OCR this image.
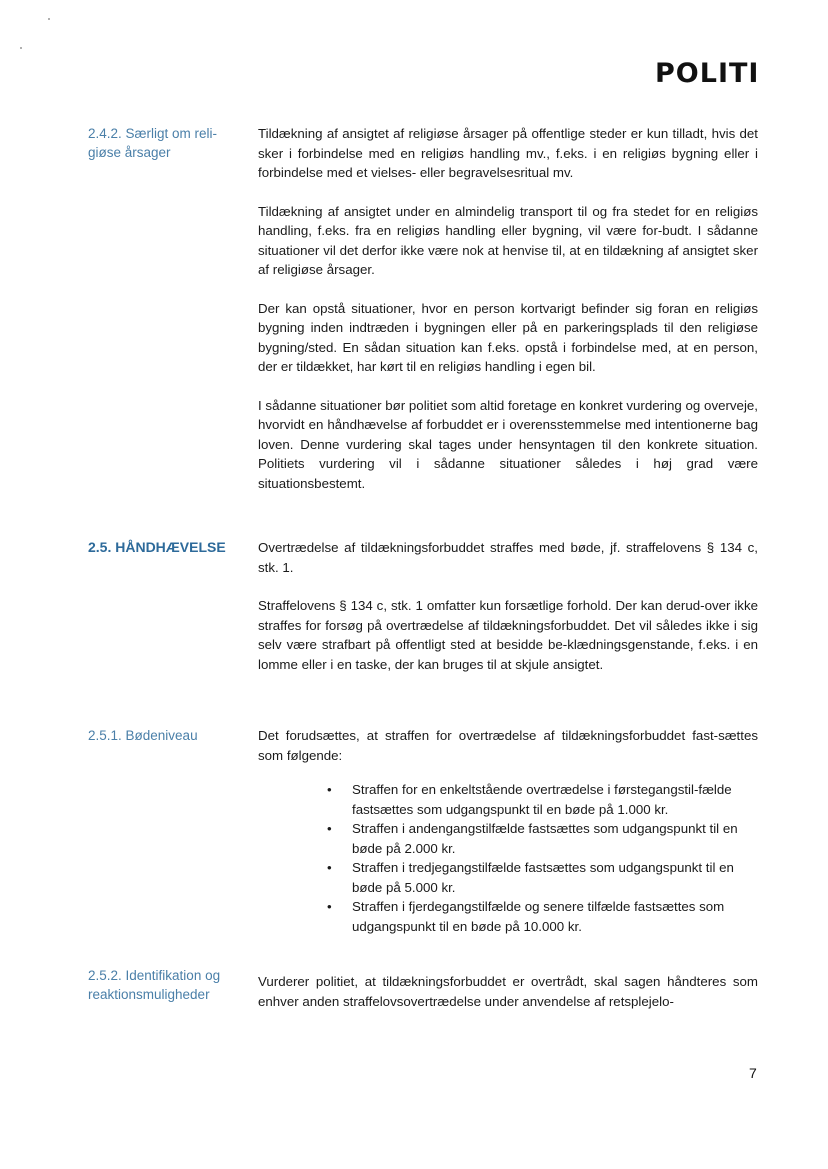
POLITI
2.4.2. Særligt om reli-
giøse årsager

Tildækning af ansigtet af religiøse årsager på offentlige steder er kun tilladt, hvis det sker i forbindelse med en religiøs handling mv., f.eks. i en religiøs bygning eller i forbindelse med et vielses- eller begravelsesritual mv.

Tildækning af ansigtet under en almindelig transport til og fra stedet for en religiøs handling, f.eks. fra en religiøs handling eller bygning, vil være for-budt. I sådanne situationer vil det derfor ikke være nok at henvise til, at en tildækning af ansigtet sker af religiøse årsager.

Der kan opstå situationer, hvor en person kortvarigt befinder sig foran en religiøs bygning inden indtræden i bygningen eller på en parkeringsplads til den religiøse bygning/sted. En sådan situation kan f.eks. opstå i forbindelse med, at en person, der er tildækket, har kørt til en religiøs handling i egen bil.

I sådanne situationer bør politiet som altid foretage en konkret vurdering og overveje, hvorvidt en håndhævelse af forbuddet er i overensstemmelse med intentionerne bag loven. Denne vurdering skal tages under hensyntagen til den konkrete situation. Politiets vurdering vil i sådanne situationer således i høj grad være situationsbestemt.

2.5. HÅNDHÆVELSE	Overtrædelse af tildækningsforbuddet straffes med bøde, jf. straffelovens § 134 c, stk. 1.

Straffelovens § 134 c, stk. 1 omfatter kun forsætlige forhold. Der kan derud-over ikke straffes for forsøg på overtrædelse af tildækningsforbuddet. Det vil således ikke i sig selv være strafbart på offentligt sted at besidde be-klædningsgenstande, f.eks. i en lomme eller i en taske, der kan bruges til at skjule ansigtet.

2.5.1. Bødeniveau	Det forudsættes, at straffen for overtrædelse af tildækningsforbuddet fast-sættes som følgende:

• Straffen for en enkeltstående overtrædelse i førstegangstil-fælde fastsættes som udgangspunkt til en bøde på 1.000 kr.
• Straffen i andengangstilfælde fastsættes som udgangspunkt til en bøde på 2.000 kr.
• Straffen i tredjegangstilfælde fastsættes som udgangspunkt til en bøde på 5.000 kr.
• Straffen i fjerdegangstilfælde og senere tilfælde fastsættes som udgangspunkt til en bøde på 10.000 kr.
2.5.2. Identifikation og
reaktionsmuligheder

Vurderer politiet, at tildækningsforbuddet er overtrådt, skal sagen håndteres som enhver anden straffelovsovertrædelse under anvendelse af retsplejelo-

7
